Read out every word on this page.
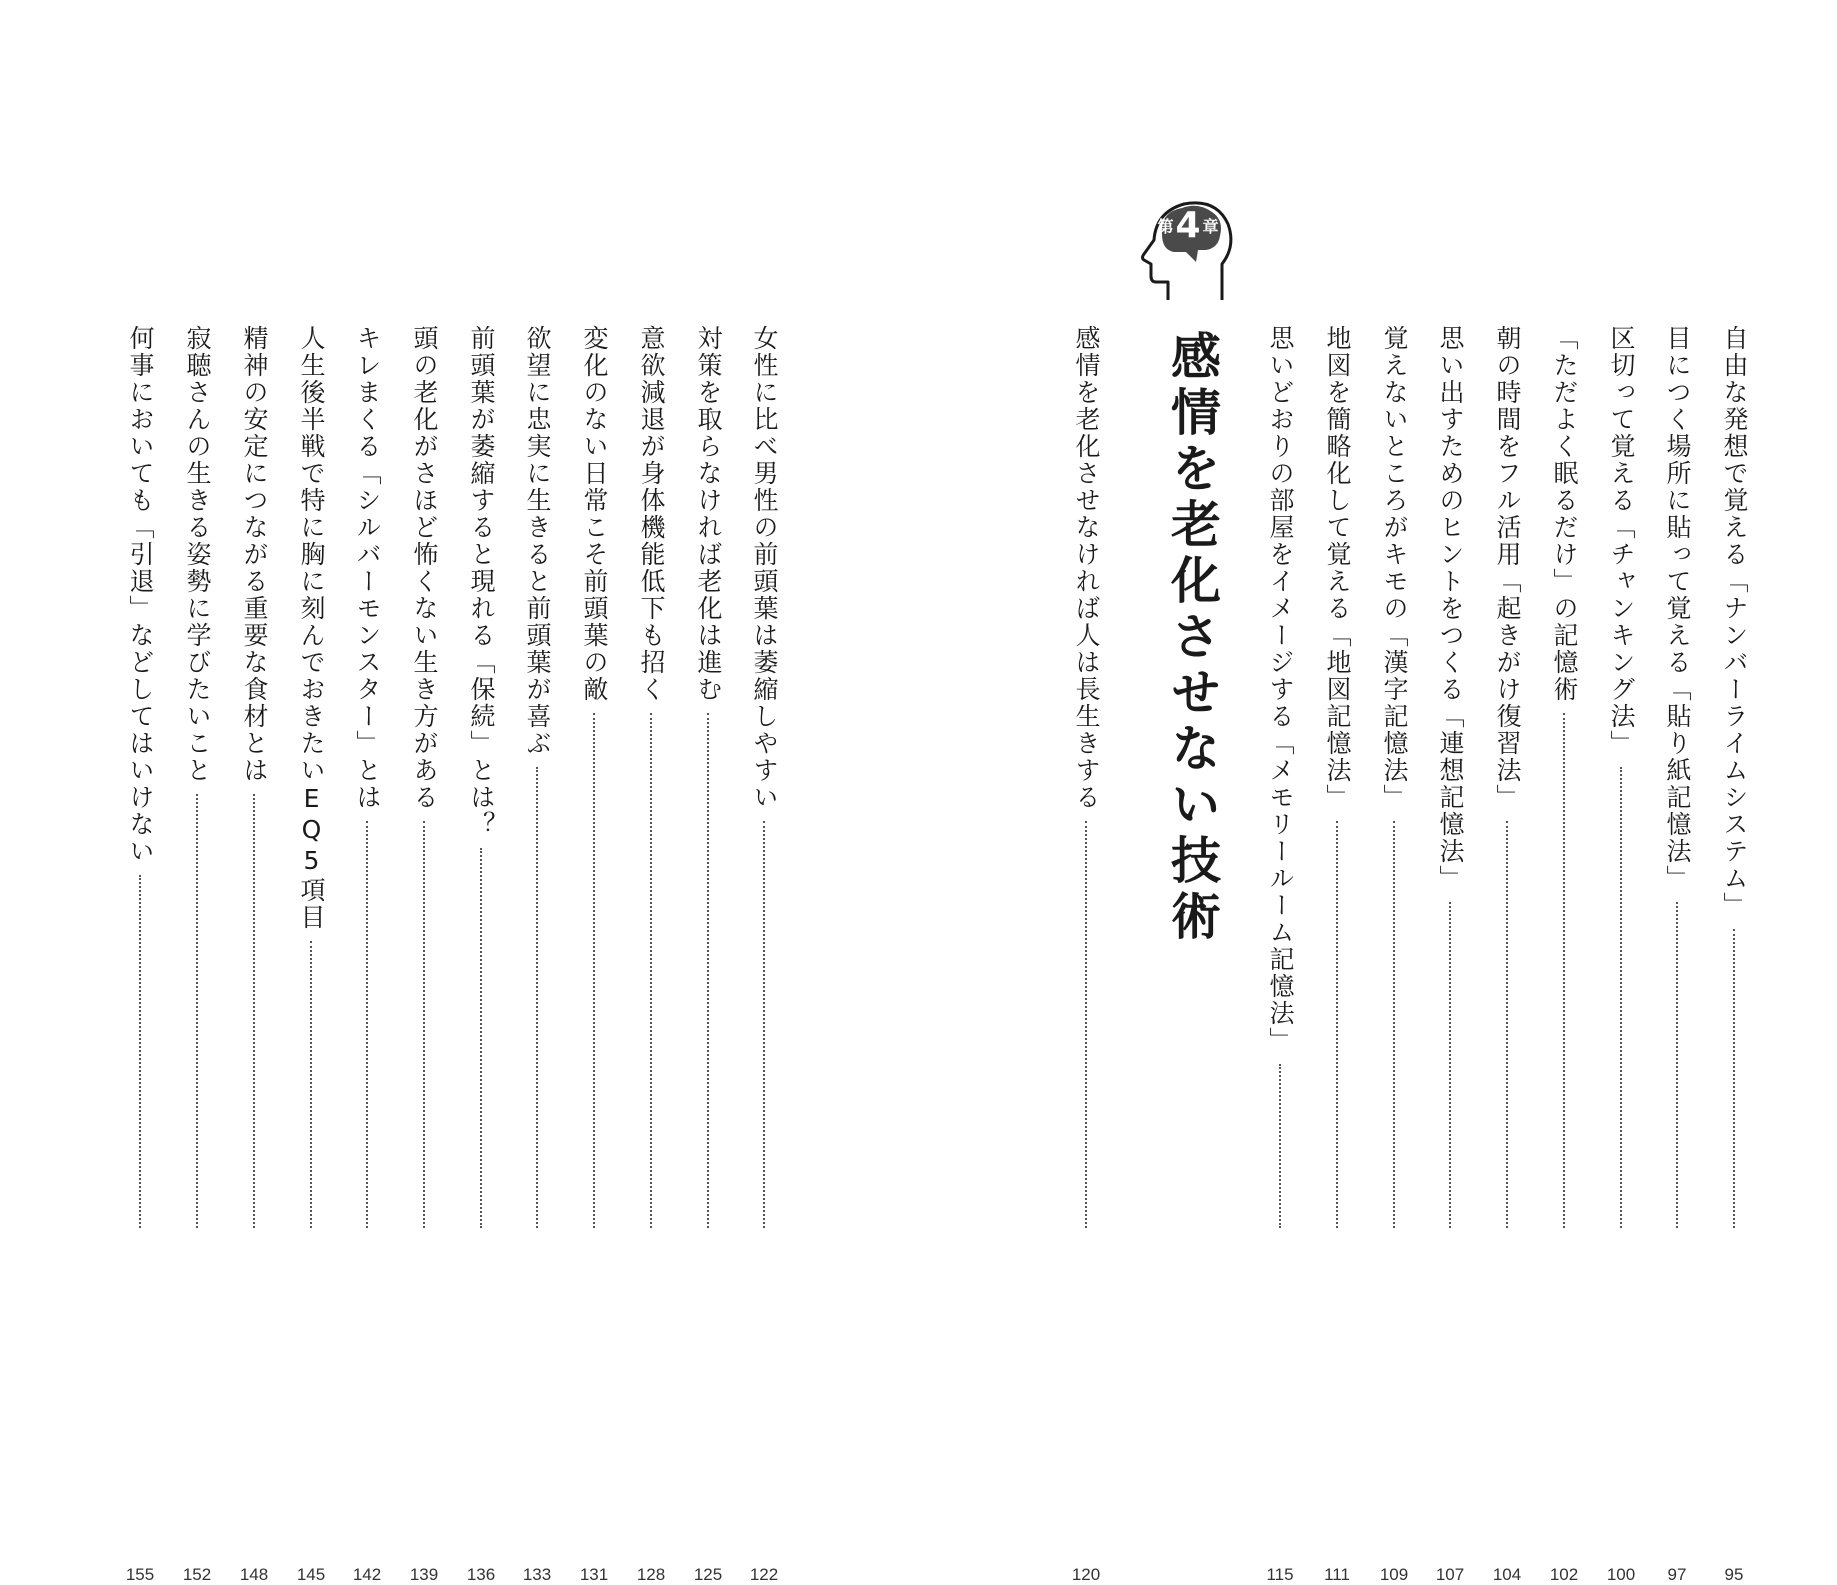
自由な発想で覚える「ナンバーライムシステム」
95
目につく場所に貼って覚える「貼り紙記憶法」
97
区切って覚える「チャンキング法」
100
「ただよく眠るだけ」の記憶術
102
朝の時間をフル活用「起きがけ復習法」
104
思い出すためのヒントをつくる「連想記憶法」
107
覚えないところがキモの「漢字記憶法」
109
地図を簡略化して覚える「地図記憶法」
111
思いどおりの部屋をイメージする「メモリールーム記憶法」
115
第 4 章
感情を老化させない技術
感情を老化させなければ人は長生きする
120
女性に比べ男性の前頭葉は萎縮しやすい
122
対策を取らなければ老化は進む
125
意欲減退が身体機能低下も招く
128
変化のない日常こそ前頭葉の敵
131
欲望に忠実に生きると前頭葉が喜ぶ
133
前頭葉が萎縮すると現れる「保続」とは？
136
頭の老化がさほど怖くない生き方がある
139
キレまくる「シルバーモンスター」とは
142
人生後半戦で特に胸に刻んでおきたいEQ5項目
145
精神の安定につながる重要な食材とは
148
寂聴さんの生きる姿勢に学びたいこと
152
何事においても「引退」などしてはいけない
155
